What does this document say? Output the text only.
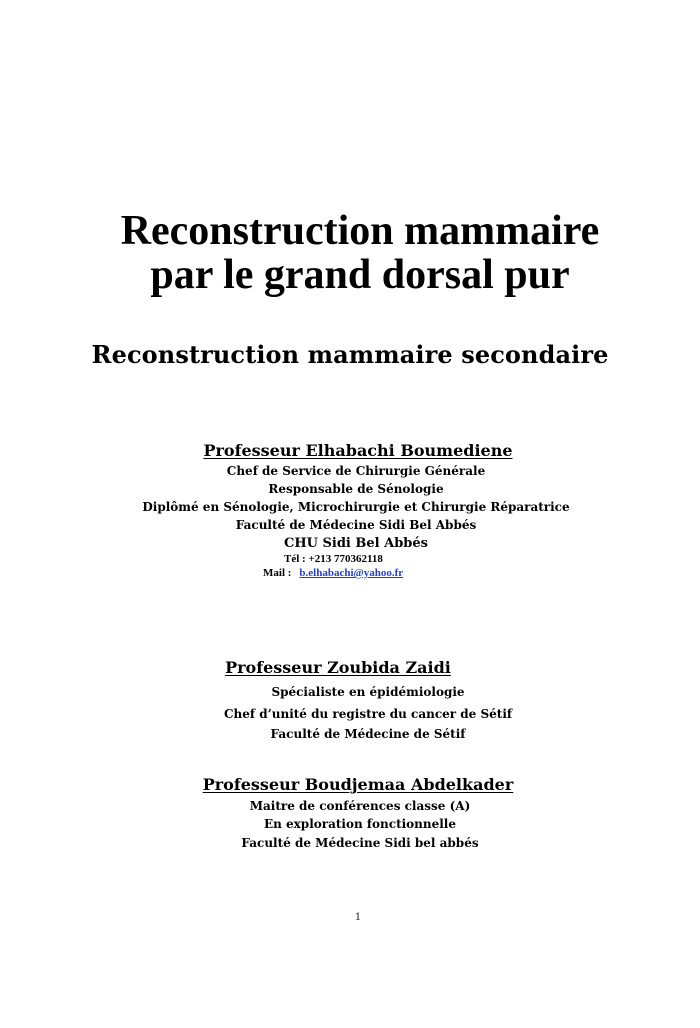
Reconstruction mammaire
par le grand dorsal pur
Reconstruction mammaire secondaire
Professeur Elhabachi Boumediene
Chef de Service de Chirurgie Générale
Responsable de Sénologie
Diplômé en Sénologie, Microchirurgie et Chirurgie Réparatrice
Faculté de Médecine Sidi Bel Abbés
CHU Sidi Bel Abbés
Tél : +213 770362118
Mail : b.elhabachi@yahoo.fr
Professeur Zoubida Zaidi
Spécialiste en épidémiologie
Chef d’unité du registre du cancer de Sétif
Faculté de Médecine de Sétif
Professeur Boudjemaa Abdelkader
Maitre de conférences classe (A)
En exploration fonctionnelle
Faculté de Médecine Sidi bel abbés
1
